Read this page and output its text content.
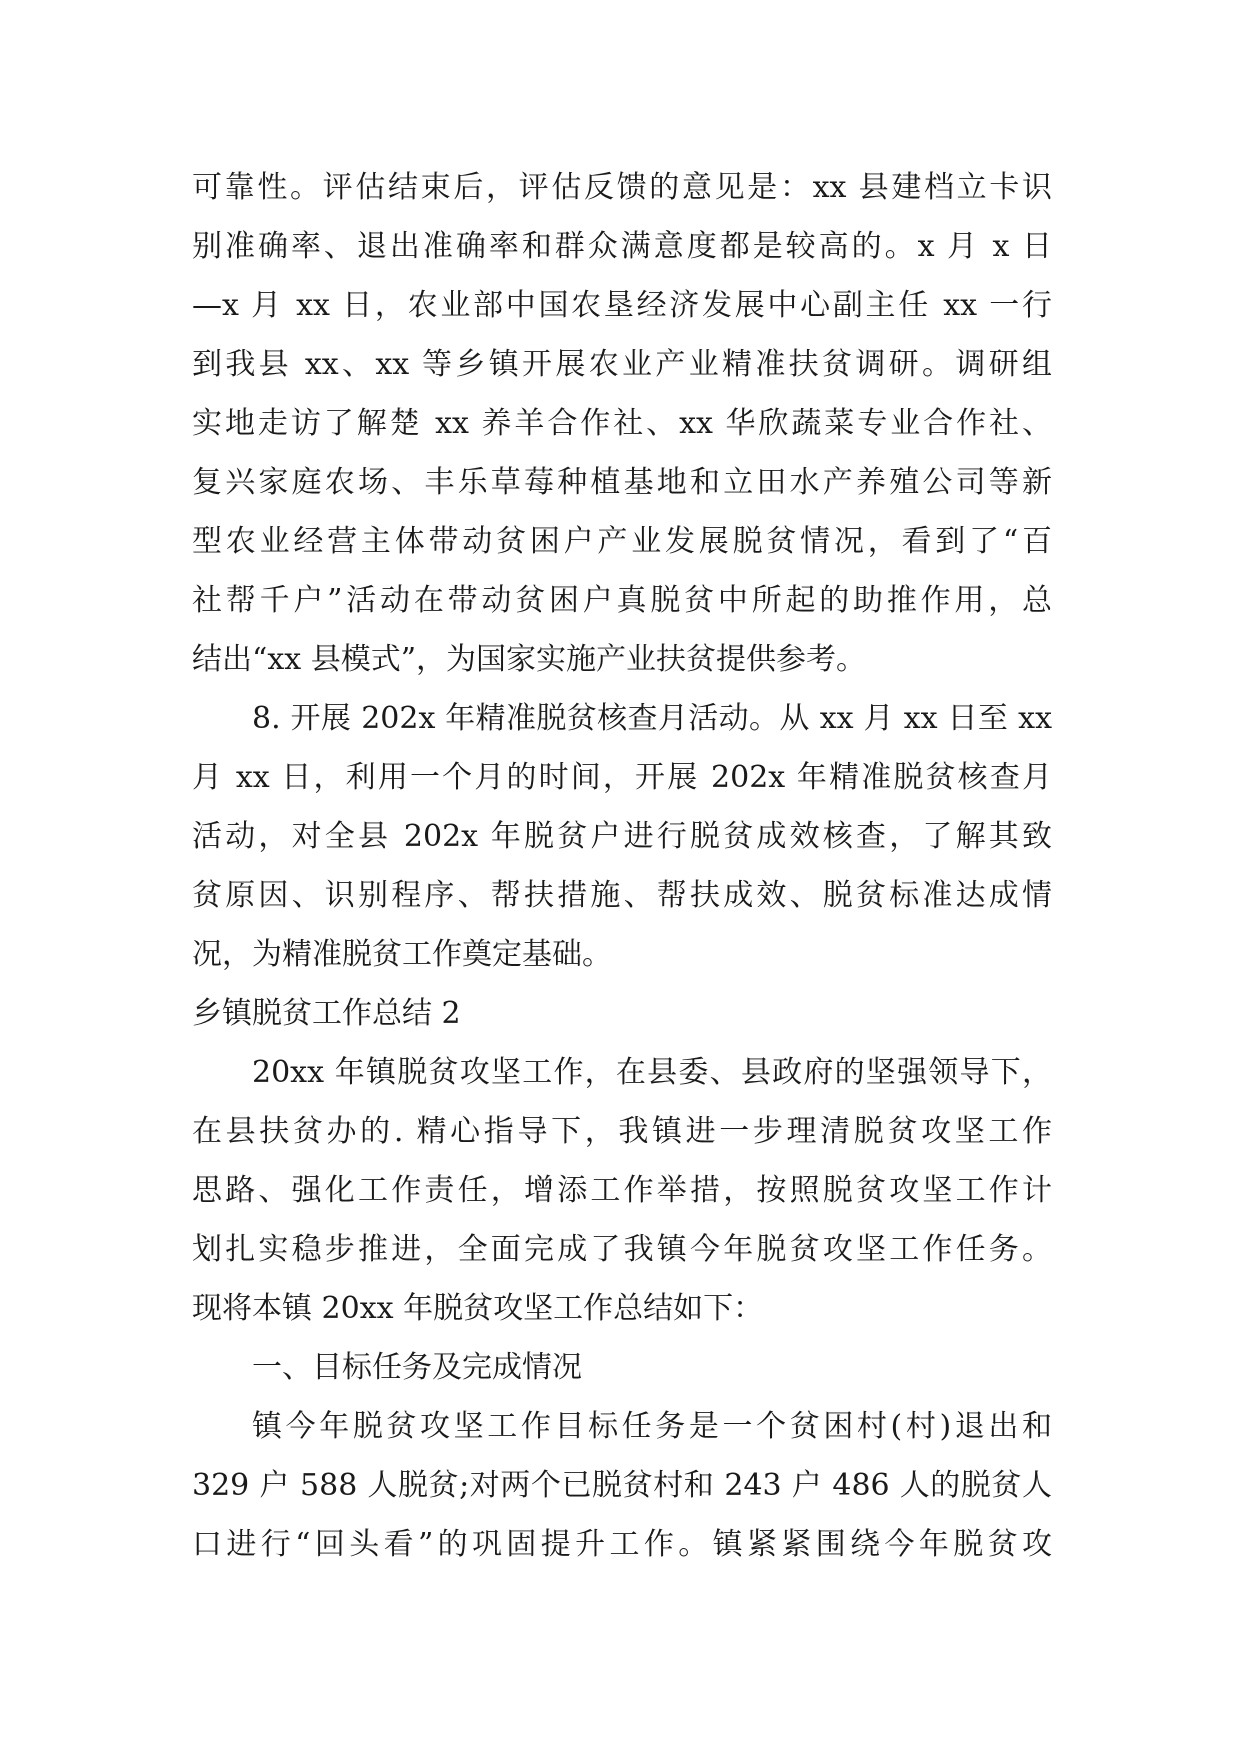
可靠性。评估结束后，评估反馈的意见是：xx 县建档立卡识
别准确率、退出准确率和群众满意度都是较高的。x 月 x 日
—x 月 xx 日，农业部中国农垦经济发展中心副主任 xx 一行
到我县 xx、xx 等乡镇开展农业产业精准扶贫调研。调研组
实地走访了解楚 xx 养羊合作社、xx 华欣蔬菜专业合作社、
复兴家庭农场、丰乐草莓种植基地和立田水产养殖公司等新
型农业经营主体带动贫困户产业发展脱贫情况，看到了“百
社帮千户”活动在带动贫困户真脱贫中所起的助推作用，总
结出“xx 县模式”，为国家实施产业扶贫提供参考。
8. 开展 202x 年精准脱贫核查月活动。从 xx 月 xx 日至 xx
月 xx 日，利用一个月的时间，开展 202x 年精准脱贫核查月
活动，对全县 202x 年脱贫户进行脱贫成效核查，了解其致
贫原因、识别程序、帮扶措施、帮扶成效、脱贫标准达成情
况，为精准脱贫工作奠定基础。
乡镇脱贫工作总结 2
20xx 年镇脱贫攻坚工作，在县委、县政府的坚强领导下，
在县扶贫办的. 精心指导下，我镇进一步理清脱贫攻坚工作
思路、强化工作责任，增添工作举措，按照脱贫攻坚工作计
划扎实稳步推进，全面完成了我镇今年脱贫攻坚工作任务。
现将本镇 20xx 年脱贫攻坚工作总结如下：
一、目标任务及完成情况
镇今年脱贫攻坚工作目标任务是一个贫困村(村)退出和
329 户 588 人脱贫;对两个已脱贫村和 243 户 486 人的脱贫人
口进行“回头看”的巩固提升工作。镇紧紧围绕今年脱贫攻
